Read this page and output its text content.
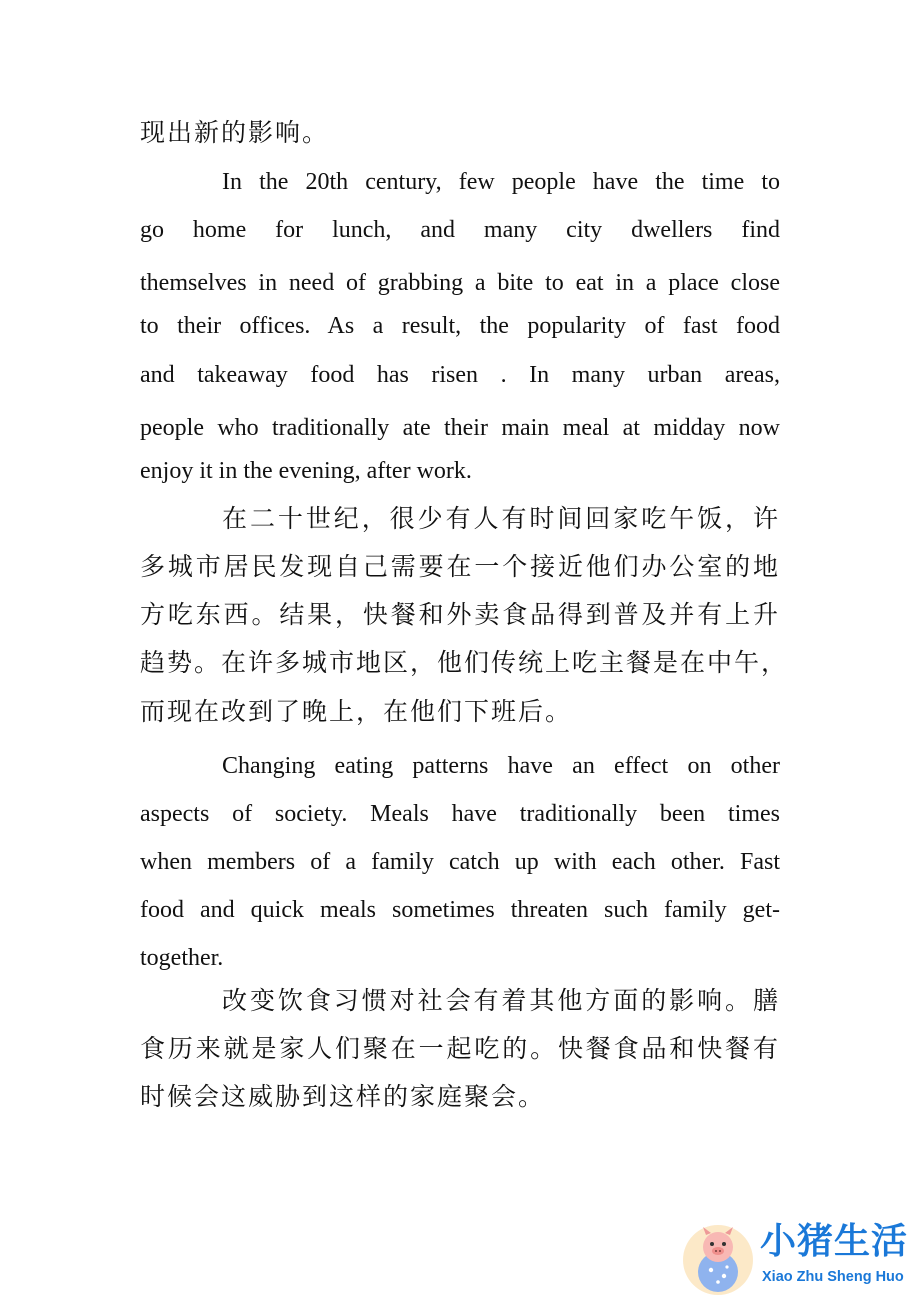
现出新的影响。
In the 20th century, few people have the time to
go home for lunch, and many city dwellers find
themselves in need of grabbing a bite to eat in a place close
to their offices. As a result, the popularity of fast food
and takeaway food has risen . In many urban areas,
people who traditionally ate their main meal at midday now
enjoy it in the evening, after work.
在二十世纪，很少有人有时间回家吃午饭，许
多城市居民发现自己需要在一个接近他们办公室的地
方吃东西。结果，快餐和外卖食品得到普及并有上升
趋势。在许多城市地区，他们传统上吃主餐是在中午，
而现在改到了晚上，在他们下班后。
Changing eating patterns have an effect on other
aspects of society. Meals have traditionally been times
when members of a family catch up with each other. Fast
food and quick meals sometimes threaten such family get-
together.
改变饮食习惯对社会有着其他方面的影响。膳
食历来就是家人们聚在一起吃的。快餐食品和快餐有
时候会这威胁到这样的家庭聚会。
小猪生活
Xiao Zhu Sheng Huo
